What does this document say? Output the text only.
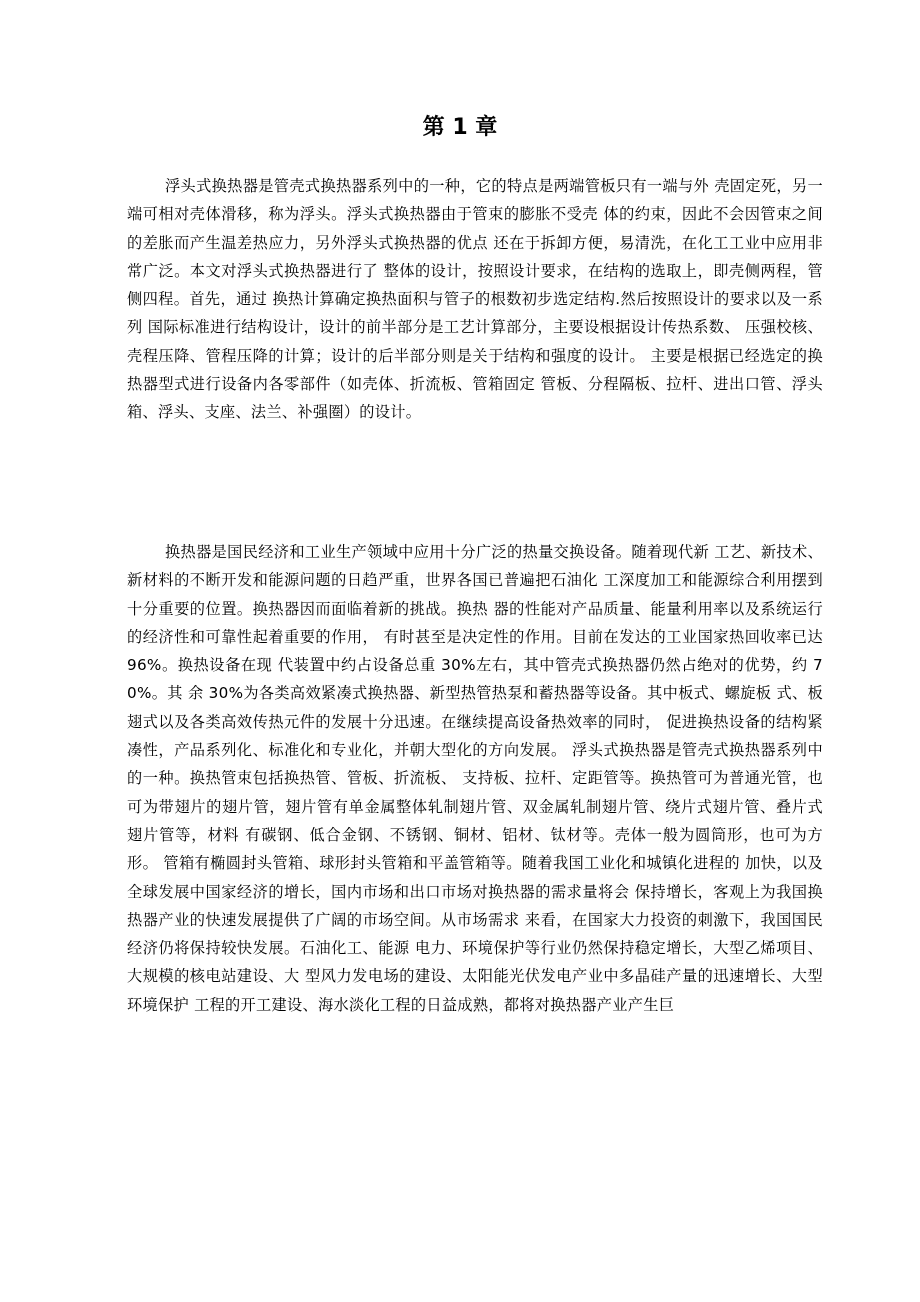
第 1 章

浮头式换热器是管壳式换热器系列中的一种，它的特点是两端管板只有一端与外 壳固定死，另一端可相对壳体滑移，称为浮头。浮头式换热器由于管束的膨胀不受壳 体的约束，因此不会因管束之间的差胀而产生温差热应力，另外浮头式换热器的优点 还在于拆卸方便，易清洗，在化工工业中应用非常广泛。本文对浮头式换热器进行了 整体的设计，按照设计要求，在结构的选取上，即壳侧两程，管侧四程。首先，通过 换热计算确定换热面积与管子的根数初步选定结构.然后按照设计的要求以及一系列 国际标准进行结构设计，设计的前半部分是工艺计算部分，主要设根据设计传热系数、 压强校核、壳程压降、管程压降的计算；设计的后半部分则是关于结构和强度的设计。 主要是根据已经选定的换热器型式进行设备内各零部件（如壳体、折流板、管箱固定 管板、分程隔板、拉杆、进出口管、浮头箱、浮头、支座、法兰、补强圈）的设计。

换热器是国民经济和工业生产领域中应用十分广泛的热量交换设备。随着现代新 工艺、新技术、新材料的不断开发和能源问题的日趋严重，世界各国已普遍把石油化 工深度加工和能源综合利用摆到十分重要的位置。换热器因而面临着新的挑战。换热 器的性能对产品质量、能量利用率以及系统运行的经济性和可靠性起着重要的作用， 有时甚至是决定性的作用。目前在发达的工业国家热回收率已达 96%。换热设备在现 代装置中约占设备总重 30%左右，其中管壳式换热器仍然占绝对的优势，约 70%。其 余 30%为各类高效紧凑式换热器、新型热管热泵和蓄热器等设备。其中板式、螺旋板 式、板翅式以及各类高效传热元件的发展十分迅速。在继续提高设备热效率的同时， 促进换热设备的结构紧凑性，产品系列化、标准化和专业化，并朝大型化的方向发展。 浮头式换热器是管壳式换热器系列中的一种。换热管束包括换热管、管板、折流板、 支持板、拉杆、定距管等。换热管可为普通光管，也可为带翅片的翅片管，翅片管有单金属整体轧制翅片管、双金属轧制翅片管、绕片式翅片管、叠片式翅片管等，材料 有碳钢、低合金钢、不锈钢、铜材、铝材、钛材等。壳体一般为圆筒形，也可为方形。 管箱有椭圆封头管箱、球形封头管箱和平盖管箱等。随着我国工业化和城镇化进程的 加快，以及全球发展中国家经济的增长，国内市场和出口市场对换热器的需求量将会 保持增长，客观上为我国换热器产业的快速发展提供了广阔的市场空间。从市场需求 来看，在国家大力投资的刺激下，我国国民经济仍将保持较快发展。石油化工、能源 电力、环境保护等行业仍然保持稳定增长，大型乙烯项目、大规模的核电站建设、大 型风力发电场的建设、太阳能光伏发电产业中多晶硅产量的迅速增长、大型环境保护 工程的开工建设、海水淡化工程的日益成熟，都将对换热器产业产生巨
